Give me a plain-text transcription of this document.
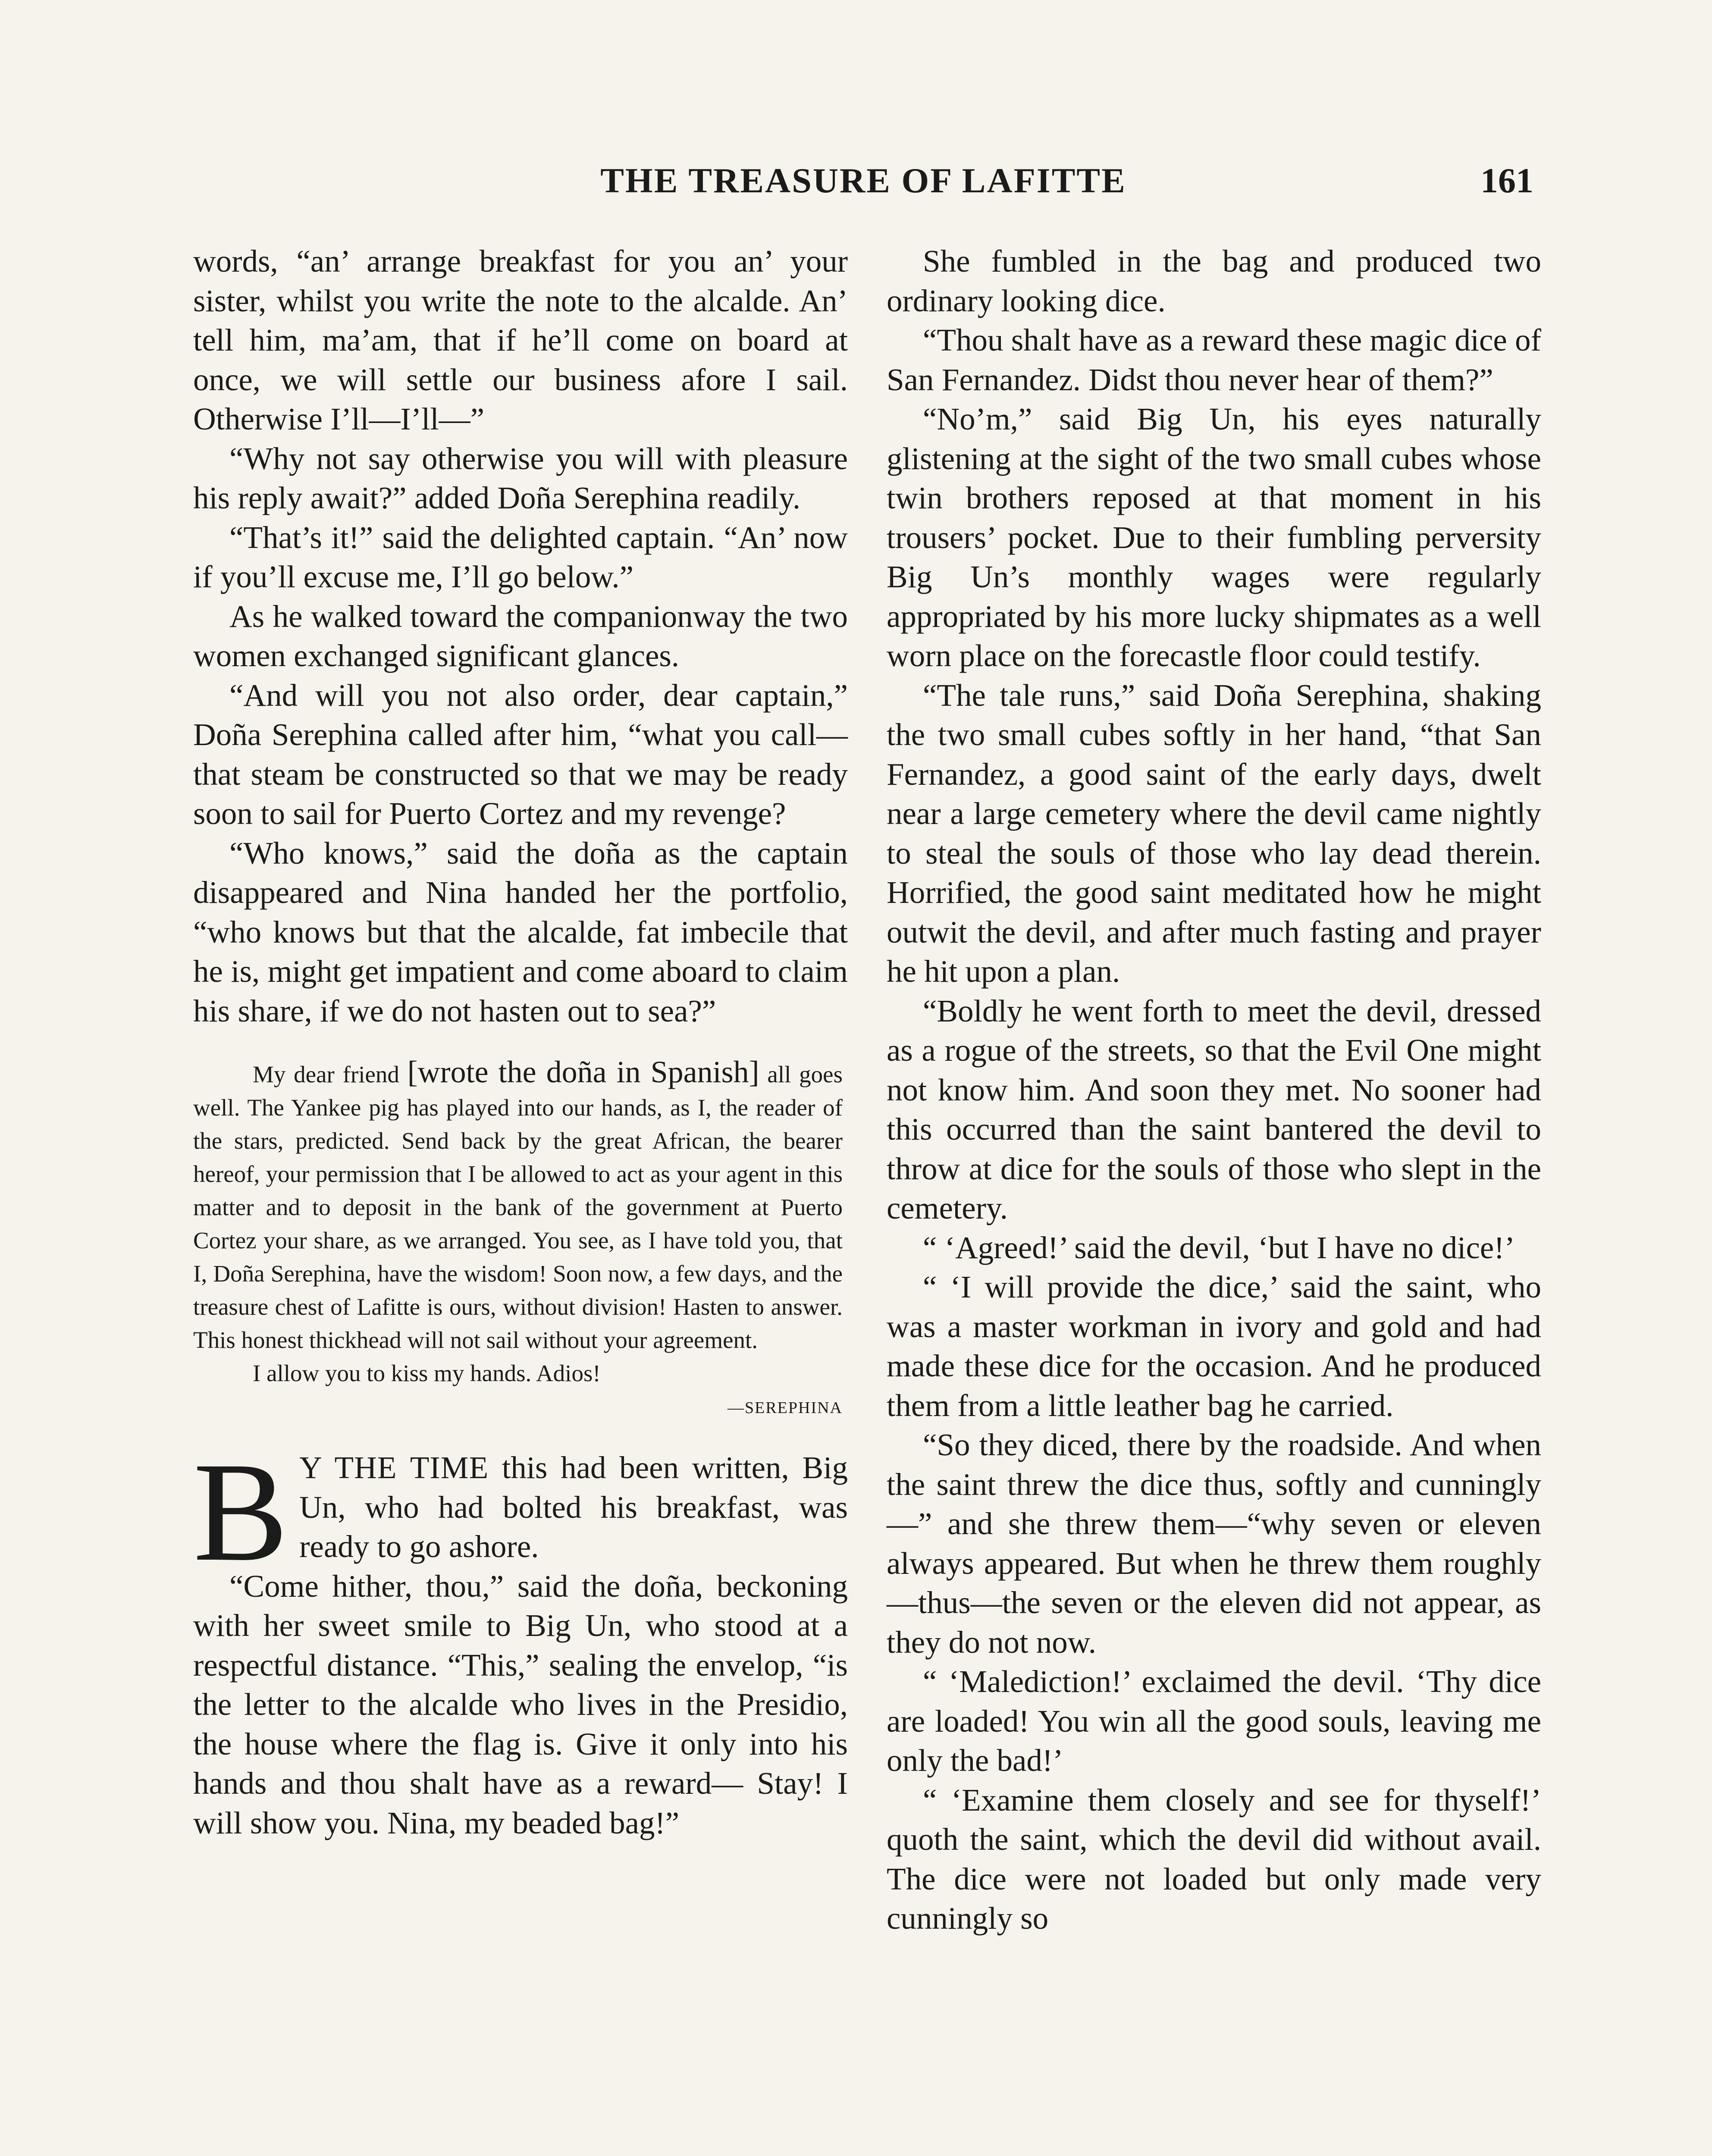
THE TREASURE OF LAFITTE	161

words, “an’ arrange breakfast for you an’ your sister, whilst you write the note to the alcalde. An’ tell him, ma’am, that if he’ll come on board at once, we will settle our business afore I sail. Otherwise I’ll—I’ll—”

“Why not say otherwise you will with pleasure his reply await?” added Doña Serephina readily.

“That’s it!” said the delighted captain. “An’ now if you’ll excuse me, I’ll go below.”

As he walked toward the companionway the two women exchanged significant glances.

“And will you not also order, dear captain,” Doña Serephina called after him, “what you call—that steam be constructed so that we may be ready soon to sail for Puerto Cortez and my revenge?

“Who knows,” said the doña as the captain disappeared and Nina handed her the portfolio, “who knows but that the alcalde, fat imbecile that he is, might get impatient and come aboard to claim his share, if we do not hasten out to sea?”

My dear friend [wrote the doña in Spanish] all goes well. The Yankee pig has played into our hands, as I, the reader of the stars, predicted. Send back by the great African, the bearer hereof, your permission that I be allowed to act as your agent in this matter and to deposit in the bank of the government at Puerto Cortez your share, as we arranged. You see, as I have told you, that I, Doña Serephina, have the wisdom! Soon now, a few days, and the treasure chest of Lafitte is ours, without division! Hasten to answer. This honest thickhead will not sail without your agreement.

I allow you to kiss my hands. Adios!

—SEREPHINA

B Y THE TIME this had been written, Big Un, who had bolted his breakfast, was ready to go ashore.

“Come hither, thou,” said the doña, beckoning with her sweet smile to Big Un, who stood at a respectful distance. “This,” sealing the envelop, “is the letter to the alcalde who lives in the Presidio, the house where the flag is. Give it only into his hands and thou shalt have as a reward— Stay! I will show you. Nina, my beaded bag!”

She fumbled in the bag and produced two ordinary looking dice.

“Thou shalt have as a reward these magic dice of San Fernandez. Didst thou never hear of them?”

“No’m,” said Big Un, his eyes naturally glistening at the sight of the two small cubes whose twin brothers reposed at that moment in his trousers’ pocket. Due to their fumbling perversity Big Un’s monthly wages were regularly appropriated by his more lucky shipmates as a well worn place on the forecastle floor could testify.

“The tale runs,” said Doña Serephina, shaking the two small cubes softly in her hand, “that San Fernandez, a good saint of the early days, dwelt near a large cemetery where the devil came nightly to steal the souls of those who lay dead therein. Horrified, the good saint meditated how he might outwit the devil, and after much fasting and prayer he hit upon a plan.

“Boldly he went forth to meet the devil, dressed as a rogue of the streets, so that the Evil One might not know him. And soon they met. No sooner had this occurred than the saint bantered the devil to throw at dice for the souls of those who slept in the cemetery.

“ ‘Agreed!’ said the devil, ‘but I have no dice!’

“ ‘I will provide the dice,’ said the saint, who was a master workman in ivory and gold and had made these dice for the occasion. And he produced them from a little leather bag he carried.

“So they diced, there by the roadside. And when the saint threw the dice thus, softly and cunningly—” and she threw them—“why seven or eleven always appeared. But when he threw them roughly—thus—the seven or the eleven did not appear, as they do not now.

“ ‘Malediction!’ exclaimed the devil. ‘Thy dice are loaded! You win all the good souls, leaving me only the bad!’

“ ‘Examine them closely and see for thyself!’ quoth the saint, which the devil did without avail. The dice were not loaded but only made very cunningly so
